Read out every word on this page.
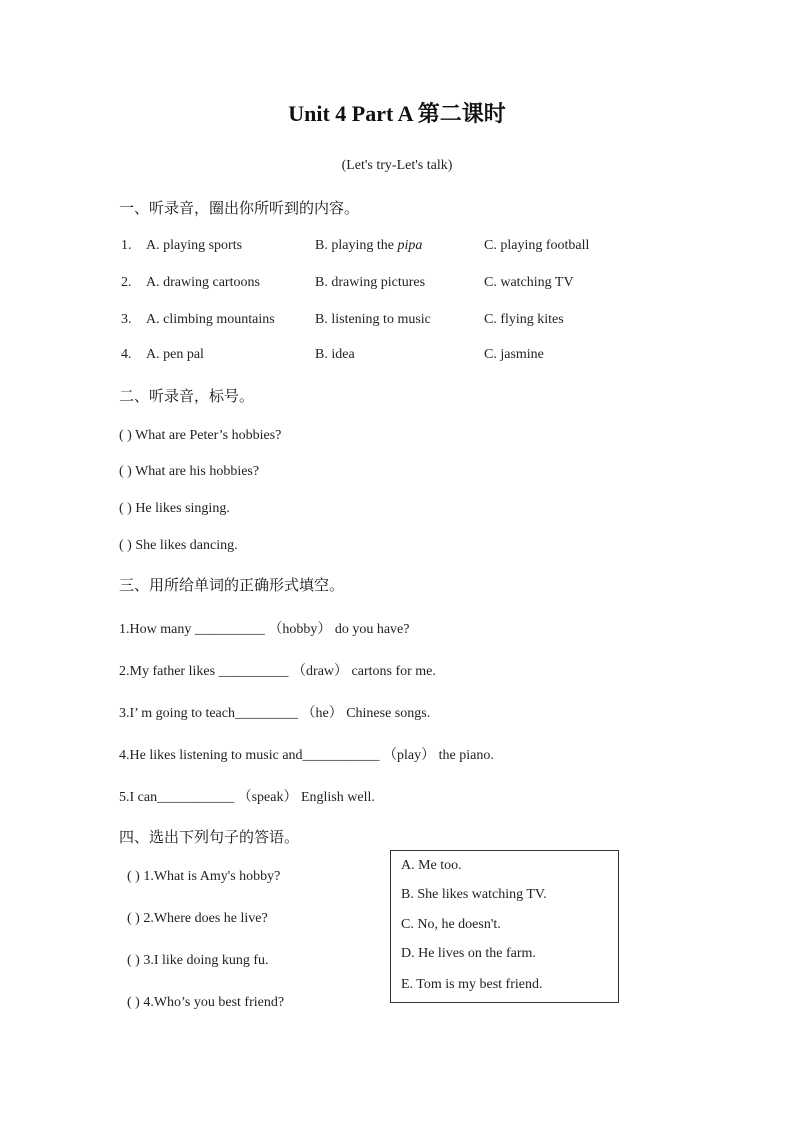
Unit 4 Part A 第二课时
(Let's try-Let's talk)
一、听录音，圈出你所听到的内容。
1. A. playing sports	B. playing the pipa	C. playing football
2. A. drawing cartoons	B. drawing pictures	C. watching TV
3. A. climbing mountains	B. listening to music	C. flying kites
4. A. pen pal	B. idea	C. jasmine
二、听录音，标号。
( ) What are Peter’s hobbies?
( ) What are his hobbies?
( ) He likes singing.
( ) She likes dancing.
三、用所给单词的正确形式填空。
1.How many __________ （hobby） do you have?
2.My father likes __________ （draw） cartons for me.
3.I’ m going to teach_________ （he） Chinese songs.
4.He likes listening to music and___________ （play） the piano.
5.I can___________ （speak） English well.
四、选出下列句子的答语。
( ) 1.What is Amy's hobby?
( ) 2.Where does he live?
( ) 3.I like doing kung fu.
( ) 4.Who’s you best friend?
A. Me too.
B. She likes watching TV.
C. No, he doesn't.
D. He lives on the farm.
E. Tom is my best friend.
